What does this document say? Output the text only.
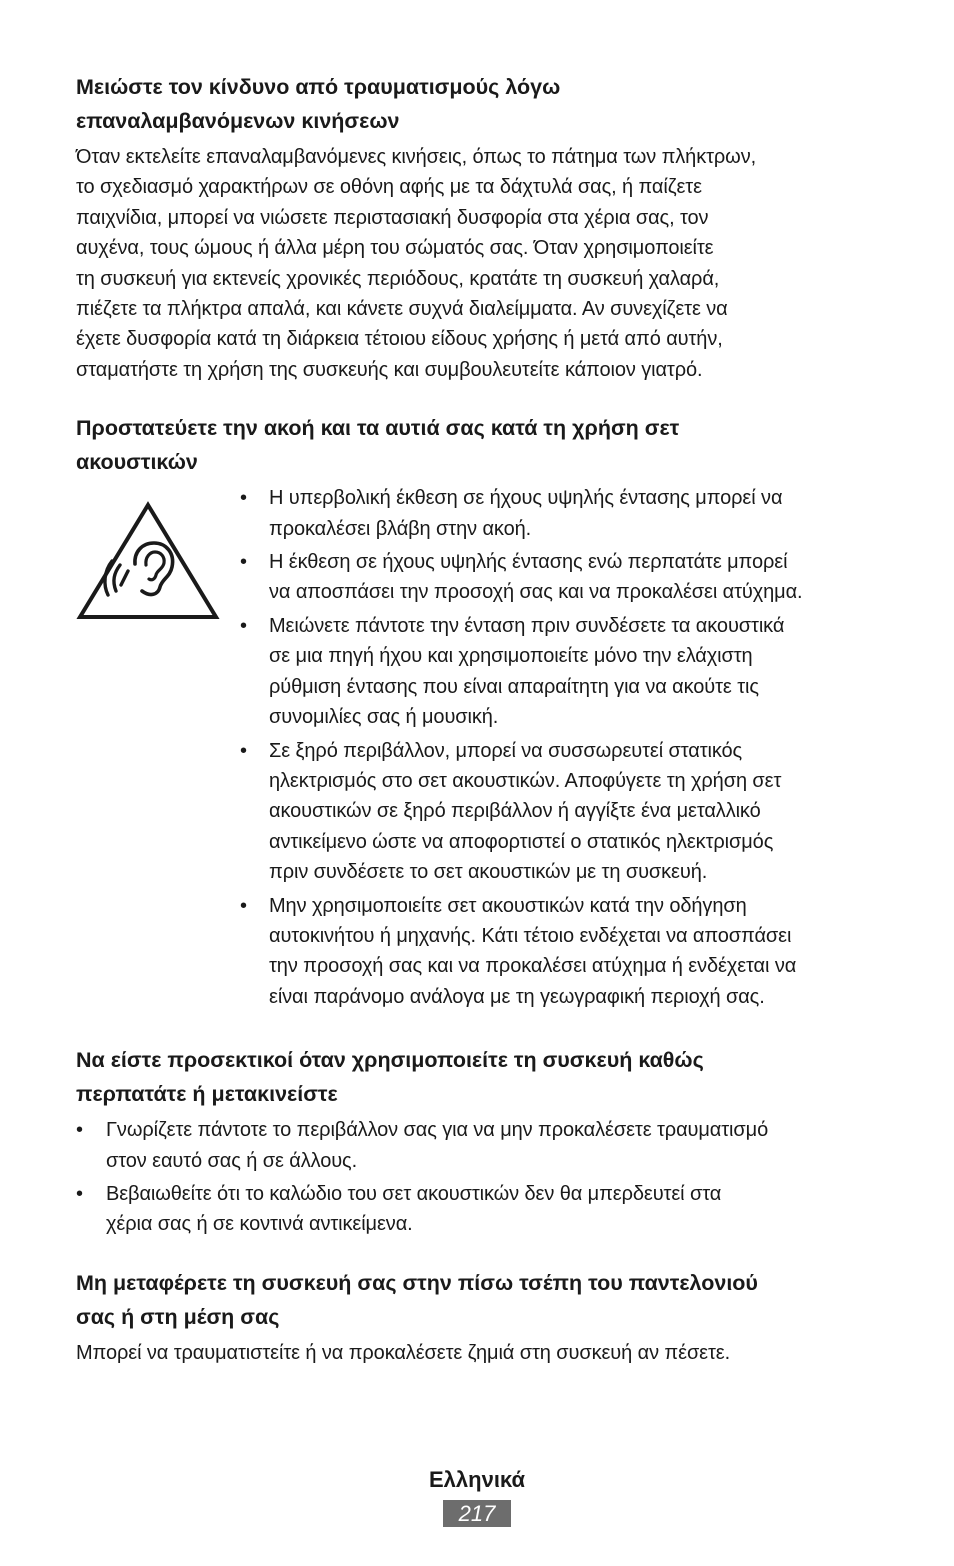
Μειώστε τον κίνδυνο από τραυματισμούς λόγω
επαναλαμβανόμενων κινήσεων

Όταν εκτελείτε επαναλαμβανόμενες κινήσεις, όπως το πάτημα των πλήκτρων,
το σχεδιασμό χαρακτήρων σε οθόνη αφής με τα δάχτυλά σας, ή παίζετε
παιχνίδια, μπορεί να νιώσετε περιστασιακή δυσφορία στα χέρια σας, τον
αυχένα, τους ώμους ή άλλα μέρη του σώματός σας. Όταν χρησιμοποιείτε
τη συσκευή για εκτενείς χρονικές περιόδους, κρατάτε τη συσκευή χαλαρά,
πιέζετε τα πλήκτρα απαλά, και κάνετε συχνά διαλείμματα. Αν συνεχίζετε να
έχετε δυσφορία κατά τη διάρκεια τέτοιου είδους χρήσης ή μετά από αυτήν,
σταματήστε τη χρήση της συσκευής και συμβουλευτείτε κάποιον γιατρό.

Προστατεύετε την ακοή και τα αυτιά σας κατά τη χρήση σετ
ακουστικών
• Η υπερβολική έκθεση σε ήχους υψηλής έντασης μπορεί να
προκαλέσει βλάβη στην ακοή.
• Η έκθεση σε ήχους υψηλής έντασης ενώ περπατάτε μπορεί
να αποσπάσει την προσοχή σας και να προκαλέσει ατύχημα.
• Μειώνετε πάντοτε την ένταση πριν συνδέσετε τα ακουστικά
σε μια πηγή ήχου και χρησιμοποιείτε μόνο την ελάχιστη
ρύθμιση έντασης που είναι απαραίτητη για να ακούτε τις
συνομιλίες σας ή μουσική.
• Σε ξηρό περιβάλλον, μπορεί να συσσωρευτεί στατικός
ηλεκτρισμός στο σετ ακουστικών. Αποφύγετε τη χρήση σετ
ακουστικών σε ξηρό περιβάλλον ή αγγίξτε ένα μεταλλικό
αντικείμενο ώστε να αποφορτιστεί ο στατικός ηλεκτρισμός
πριν συνδέσετε το σετ ακουστικών με τη συσκευή.
• Μην χρησιμοποιείτε σετ ακουστικών κατά την οδήγηση
αυτοκινήτου ή μηχανής. Κάτι τέτοιο ενδέχεται να αποσπάσει
την προσοχή σας και να προκαλέσει ατύχημα ή ενδέχεται να
είναι παράνομο ανάλογα με τη γεωγραφική περιοχή σας.
Να είστε προσεκτικοί όταν χρησιμοποιείτε τη συσκευή καθώς
περπατάτε ή μετακινείστε
• Γνωρίζετε πάντοτε το περιβάλλον σας για να μην προκαλέσετε τραυματισμό
στον εαυτό σας ή σε άλλους.
• Βεβαιωθείτε ότι το καλώδιο του σετ ακουστικών δεν θα μπερδευτεί στα
χέρια σας ή σε κοντινά αντικείμενα.
Μη μεταφέρετε τη συσκευή σας στην πίσω τσέπη του παντελονιού
σας ή στη μέση σας

Μπορεί να τραυματιστείτε ή να προκαλέσετε ζημιά στη συσκευή αν πέσετε.

Ελληνικά
217
